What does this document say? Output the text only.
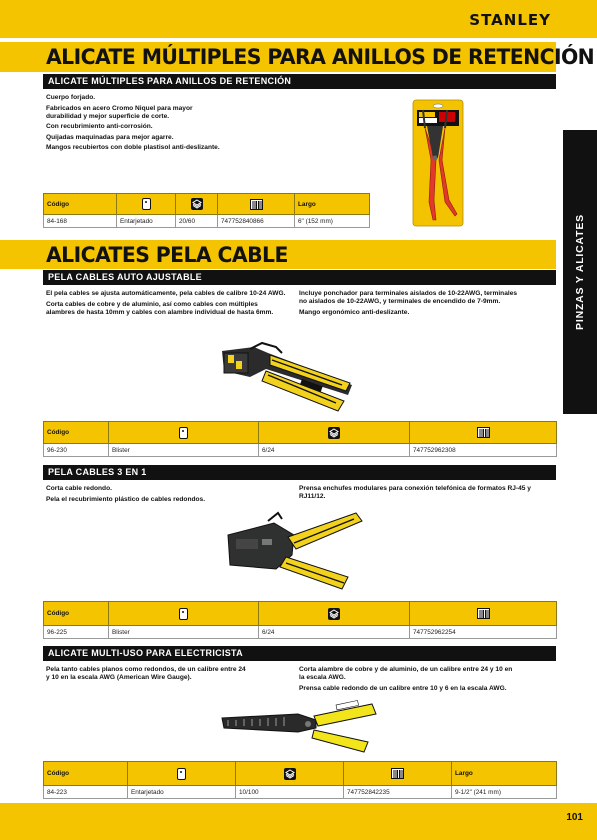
STANLEY
PINZAS Y ALICATES
ALICATE MÚLTIPLES PARA ANILLOS DE RETENCIÓN
ALICATE MÚLTIPLES PARA ANILLOS DE RETENCIÓN

Cuerpo forjado.

Fabricados en acero Cromo Niquel para mayor durabilidad y mejor superficie de corte.

Con recubrimiento anti-corrosión.

Quijadas maquinadas para mejor agarre.

Mangos recubiertos con doble plastisol anti-deslizante.

Código				Largo
84-168	Entarjetado	20/60	747752840866	6" (152 mm)
ALICATES PELA CABLE
PELA CABLES AUTO AJUSTABLE

El pela cables se ajusta automáticamente, pela cables de calibre 10-24 AWG.

Corta cables de cobre y de aluminio, así como cables con múltiples alambres de hasta 10mm y cables con alambre individual de hasta 6mm.

Incluye ponchador para terminales aislados de 10-22AWG, terminales no aislados de 10-22AWG, y terminales de encendido de 7-9mm.

Mango ergonómico anti-deslizante.

Código		

96-230	Blister	6/24	747752962308
PELA CABLES 3 EN 1

Corta cable redondo.

Pela el recubrimiento plástico de cables redondos.

Prensa enchufes modulares para conexión telefónica de formatos RJ-45 y RJ11/12.

Código		

96-225	Blister	6/24	747752962254
ALICATE MULTI-USO PARA ELECTRICISTA

Pela tanto cables planos como redondos, de un calibre entre 24 y 10 en la escala AWG (American Wire Gauge).

Corta alambre de cobre y de aluminio, de un calibre entre 24 y 10 en la escala AWG.

Prensa cable redondo de un calibre entre 10 y 6 en la escala AWG.

Código				Largo
84-223	Entarjetado	10/100	747752842235	9-1/2" (241 mm)
101
